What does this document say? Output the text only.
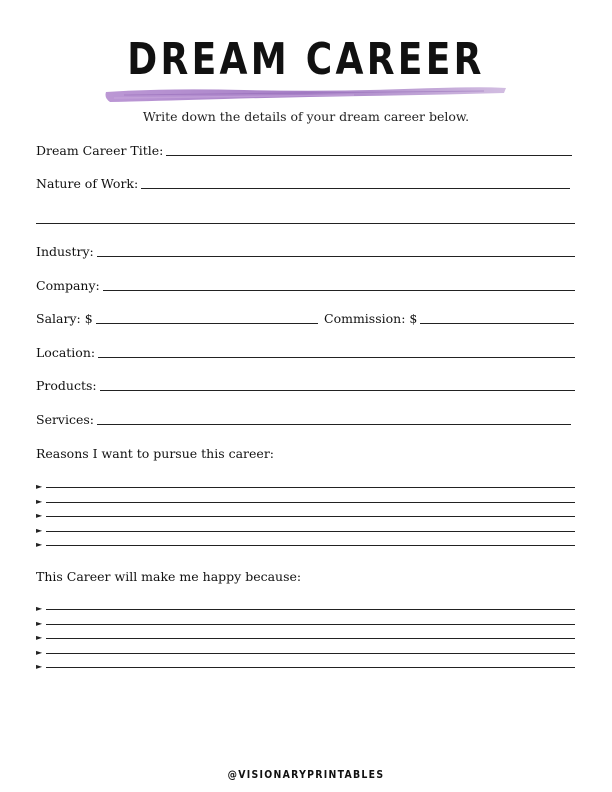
DREAM CAREER
Write down the details of your dream career below.
Dream Career Title:
Nature of Work:
Industry:
Company:
Salary: $	Commission: $
Location:
Products:
Services:
Reasons I want to pursue this career:
►
►
►
►
►
This Career will make me happy because:
►
►
►
►
►
@VISIONARYPRINTABLES
